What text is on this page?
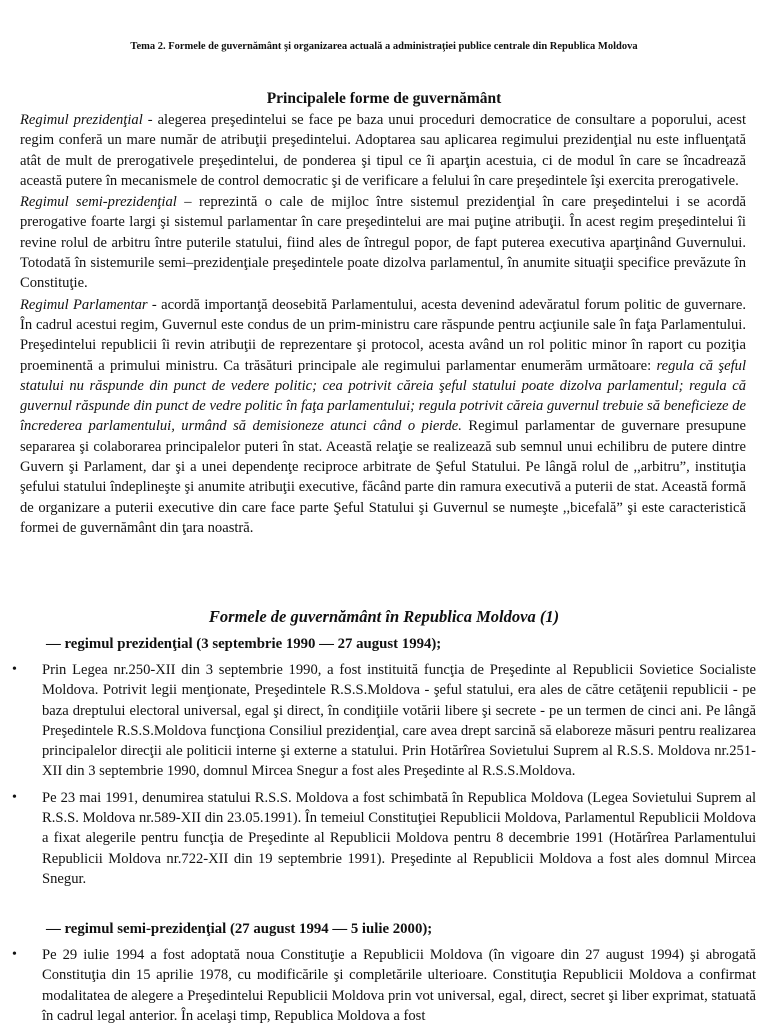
Tema 2. Formele de guvernământ şi organizarea actuală a administraţiei publice centrale din Republica Moldova
Principalele forme de guvernământ

Regimul prezidenţial - alegerea preşedintelui se face pe baza unui proceduri democratice de consultare a poporului, acest regim conferă un mare număr de atribuţii preşedintelui. Adoptarea sau aplicarea regimului prezidenţial nu este influenţată atât de mult de prerogativele preşedintelui, de ponderea şi tipul ce îi aparţin acestuia, ci de modul în care se încadrează această putere în mecanismele de control democratic şi de verificare a felului în care preşedintele îşi exercita prerogativele.

Regimul semi-prezidenţial – reprezintă o cale de mijloc între sistemul prezidenţial în care preşedintelui i se acordă prerogative foarte largi şi sistemul parlamentar în care preşedintelui are mai puţine atribuţii. În acest regim preşedintelui îi revine rolul de arbitru între puterile statului, fiind ales de întregul popor, de fapt puterea executiva aparţinând Guvernului. Totodată în sistemurile semi–prezidenţiale preşedintele poate dizolva parlamentul, în anumite situaţii specifice prevăzute în Constituţie.

Regimul Parlamentar - acordă importanţă deosebită Parlamentului, acesta devenind adevăratul forum politic de guvernare. În cadrul acestui regim, Guvernul este condus de un prim-ministru care răspunde pentru acţiunile sale în faţa Parlamentului. Preşedintelui republicii îi revin atribuţii de reprezentare şi protocol, acesta având un rol politic minor în raport cu poziţia proeminentă a primului ministru. Ca trăsături principale ale regimului parlamentar enumerăm următoare: regula că şeful statului nu răspunde din punct de vedere politic; cea potrivit căreia şeful statului poate dizolva parlamentul; regula că guvernul răspunde din punct de vedre politic în faţa parlamentului; regula potrivit căreia guvernul trebuie să beneficieze de încrederea parlamentului, urmând să demisioneze atunci când o pierde. Regimul parlamentar de guvernare presupune separarea şi colaborarea principalelor puteri în stat. Această relaţie se realizează sub semnul unui echilibru de putere dintre Guvern şi Parlament, dar şi a unei dependenţe reciproce arbitrate de Şeful Statului. Pe lângă rolul de ,,arbitru”, instituţia şefului statului îndeplineşte şi anumite atribuţii executive, făcând parte din ramura executivă a puterii de stat. Această formă de organizare a puterii executive din care face parte Şeful Statului şi Guvernul se numeşte ,,bicefală” şi este caracteristică formei de guvernământ din ţara noastră.

Formele de guvernământ în Republica Moldova (1)
— regimul prezidenţial (3 septembrie 1990 — 27 august 1994);
• Prin Legea nr.250-XII din 3 septembrie 1990, a fost instituită funcţia de Preşedinte al Republicii Sovietice Socialiste Moldova. Potrivit legii menţionate, Preşedintele R.S.S.Moldova - şeful statului, era ales de către cetăţenii republicii - pe baza dreptului electoral universal, egal şi direct, în condiţiile votării libere şi secrete - pe un termen de cinci ani. Pe lângă Preşedintele R.S.S.Moldova funcţiona Consiliul prezidenţial, care avea drept sarcină să elaboreze măsuri pentru realizarea principalelor direcţii ale politicii interne şi externe a statului. Prin Hotărîrea Sovietului Suprem al R.S.S. Moldova nr.251-XII din 3 septembrie 1990, domnul Mircea Snegur a fost ales Preşedinte al R.S.S.Moldova.
• Pe 23 mai 1991, denumirea statului R.S.S. Moldova a fost schimbată în Republica Moldova (Legea Sovietului Suprem al R.S.S. Moldova nr.589-XII din 23.05.1991). În temeiul Constituţiei Republicii Moldova, Parlamentul Republicii Moldova a fixat alegerile pentru funcţia de Preşedinte al Republicii Moldova pentru 8 decembrie 1991 (Hotărîrea Parlamentului Republicii Moldova nr.722-XII din 19 septembrie 1991). Preşedinte al Republicii Moldova a fost ales domnul Mircea Snegur.
— regimul semi-prezidenţial (27 august 1994 — 5 iulie 2000);
• Pe 29 iulie 1994 a fost adoptată noua Constituţie a Republicii Moldova (în vigoare din 27 august 1994) şi abrogată Constituţia din 15 aprilie 1978, cu modificările şi completările ulterioare. Constituţia Republicii Moldova a confirmat modalitatea de alegere a Preşedintelui Republicii Moldova prin vot universal, egal, direct, secret şi liber exprimat, statuată în cadrul legal anterior. În acelaşi timp, Republica Moldova a fost
